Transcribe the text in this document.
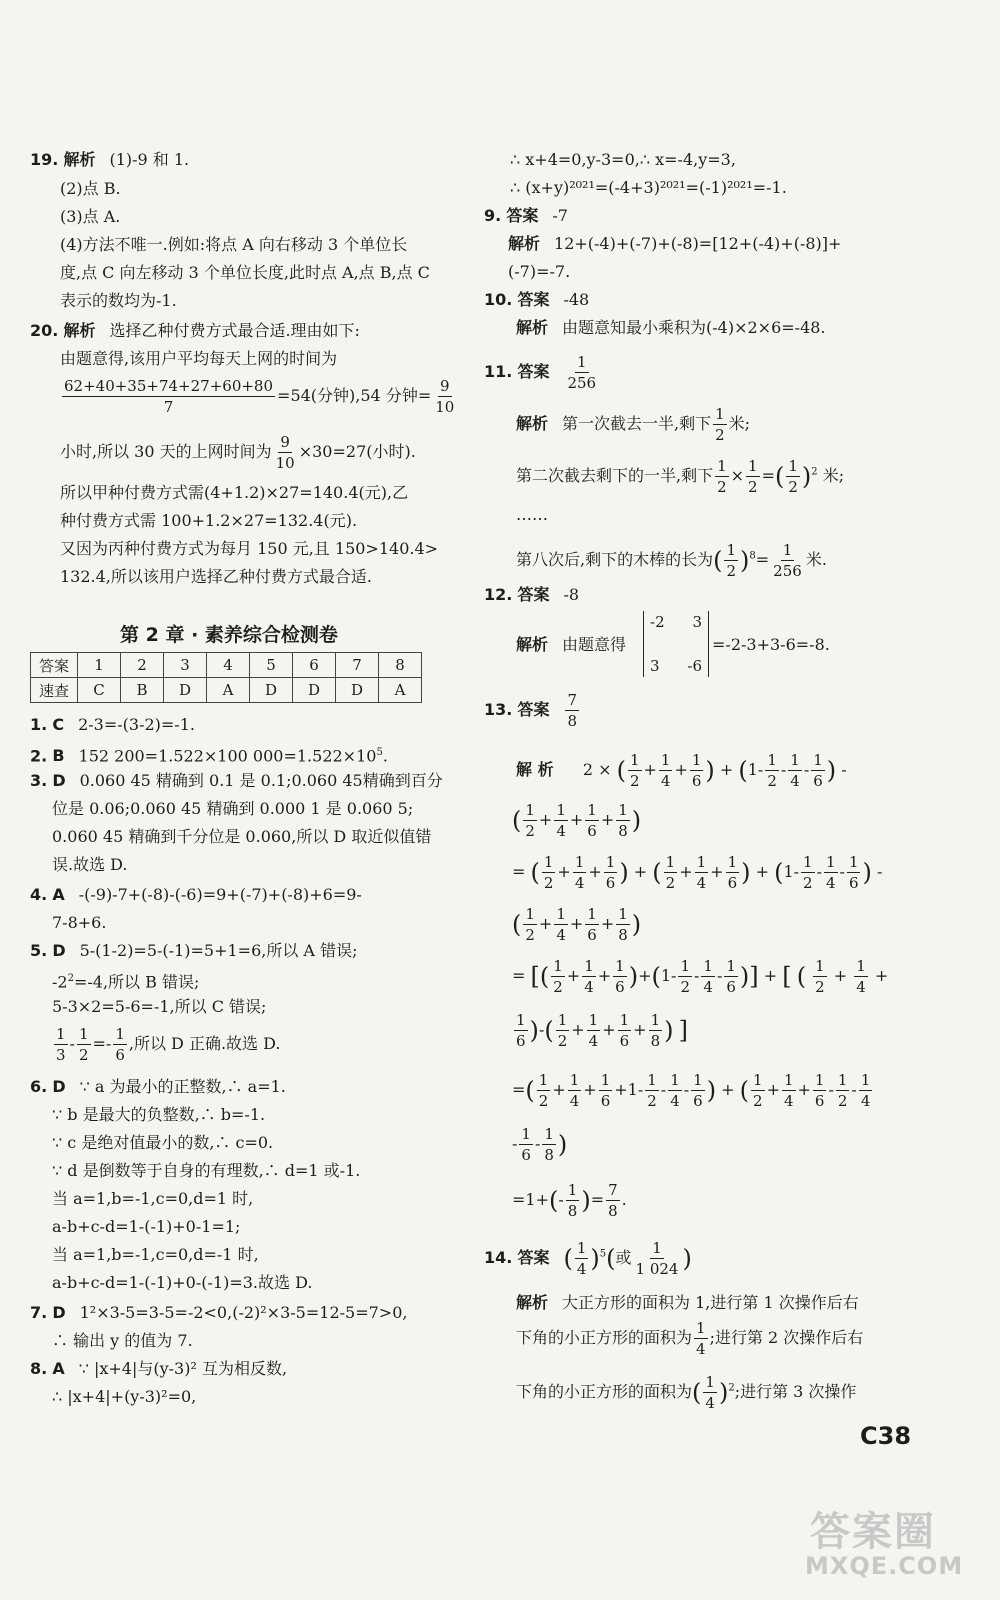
19. 解析 (1)-9 和 1.
(2)点 B.
(3)点 A.
(4)方法不唯一.例如:将点 A 向右移动 3 个单位长
度,点 C 向左移动 3 个单位长度,此时点 A,点 B,点 C
表示的数均为-1.
20. 解析 选择乙种付费方式最合适.理由如下:
由题意得,该用户平均每天上网的时间为
$\frac{62+40+35+74+27+60+80}{7} =54$(分钟),54 分钟= $\frac{9}{10}$
小时,所以 30 天的上网时间为 $\frac{9}{10} \times 30=27$(小时).
所以甲种付费方式需(4+1.2)×27=140.4(元),乙
种付费方式需 100+1.2×27=132.4(元).
又因为丙种付费方式为每月 150 元,且 150>140.4>
132.4,所以该用户选择乙种付费方式最合适.
第 2 章 · 素养综合检测卷
答案	1	2	3	4	5	6	7	8
速查	C	B	D	A	D	D	D	A
1. C 2-3=-(3-2)=-1.
2. B 152 200=1.522×100 $000=1.522\times 10^5$.
3. D 0.060 45 精确到 0.1 是 0.1;0.060 45精确到百分
位是 0.06;0.060 45 精确到 0.000 1 是 0.060 5;
0.060 45 精确到千分位是 0.060,所以 D 取近似值错
误.故选 D.
4. A -(-9)-7+(-8)-(-6)=9+(-7)+(-8)+6=9-
7-8+6.
5. D 5-(1-2)=5-(-1)=5+1=6,所以 A 错误;
$-2^2=-4$,所以 B 错误;
5-3×2=5-6=-1,所以 C 错误;
$\frac{1}{3} - \frac{1}{2} =- \frac{1}{6}$ ,所以 D 正确.故选 D.
6. D ∵ a 为最小的正整数,∴ a=1.
∵ b 是最大的负整数,∴ b=-1.
∵ c 是绝对值最小的数,∴ c=0.
∵ d 是倒数等于自身的有理数,∴ d=1 或-1.
当 a=1,b=-1,c=0,d=1 时,
a-b+c-d=1-(-1)+0-1=1;
当 a=1,b=-1,c=0,d=-1 时,
a-b+c-d=1-(-1)+0-(-1)=3.故选 D.
7. D 1²×3-5=3-5=-2<0,(-2)²×3-5=12-5=7>0,
∴ 输出 y 的值为 7.
8. A ∵ |x+4|与(y-3)² 互为相反数,
∴ |x+4|+(y-3)²=0,
∴ x+4=0,y-3=0,∴ x=-4,y=3,
∴ (x+y)²⁰²¹=(-4+3)²⁰²¹=(-1)²⁰²¹=-1.
9. 答案 -7
解析 12+(-4)+(-7)+(-8)=[12+(-4)+(-8)]+
(-7)=-7.
10. 答案 -48
解析 由题意知最小乘积为(-4)×2×6=-48.
11. 答案 $\frac{1}{256}$
解析 第一次截去一半,剩下 $\frac{1}{2}$ 米;
第二次截去剩下的一半,剩下 $\frac{1}{2} \times \frac{1}{2}$ =( $\frac{1}{2} )^2$ 米;
……
第八次后,剩下的木棒的长为( $\frac{1}{2} )^8= \frac{1}{256}$ 米.
12. 答案 -8
解析 由题意得
-2 3
3 -6
=-2-3+3-6=-8.
13. 答案 $\frac{7}{8}$
解 析   2 × ( $\frac{1}{2} + \frac{1}{4} + \frac{1}{6}$ ) + ($1- \frac{1}{2} - \frac{1}{4} - \frac{1}{6}$ ) -
( $\frac{1}{2} + \frac{1}{4} + \frac{1}{6} + \frac{1}{8}$ )
= ( $\frac{1}{2} + \frac{1}{4} + \frac{1}{6}$ ) + ( $\frac{1}{2} + \frac{1}{4} + \frac{1}{6}$ ) + ($1- \frac{1}{2} - \frac{1}{4} - \frac{1}{6}$ ) -
( $\frac{1}{2} + \frac{1}{4} + \frac{1}{6} + \frac{1}{8}$ )
= [( $\frac{1}{2} + \frac{1}{4} + \frac{1}{6} )+(1- \frac{1}{2} - \frac{1}{4} - \frac{1}{6}$ )] + [ ( $\frac{1}{2} + \frac{1}{4}$ +
$\frac{1}{6}$ )-( $\frac{1}{2} + \frac{1}{4} + \frac{1}{6} + \frac{1}{8}$ ) ]
=( $\frac{1}{2} + \frac{1}{4} + \frac{1}{6} +1- \frac{1}{2} - \frac{1}{4} - \frac{1}{6}$ ) + ( $\frac{1}{2} + \frac{1}{4} + \frac{1}{6} - \frac{1}{2} - \frac{1}{4}$
- $\frac{1}{6} - \frac{1}{8}$ )
$=1+(- \frac{1}{8}$ )= $\frac{7}{8}$ .
14. 答案 ( $\frac{1}{4} )^5$(或 $\frac{1}{1 024}$ )
解析 大正方形的面积为 1,进行第 1 次操作后右
下角的小正方形的面积为 $\frac{1}{4}$ ;进行第 2 次操作后右
下角的小正方形的面积为( $\frac{1}{4} )^2$;进行第 3 次操作
C38
答案圈
MXQE.COM
